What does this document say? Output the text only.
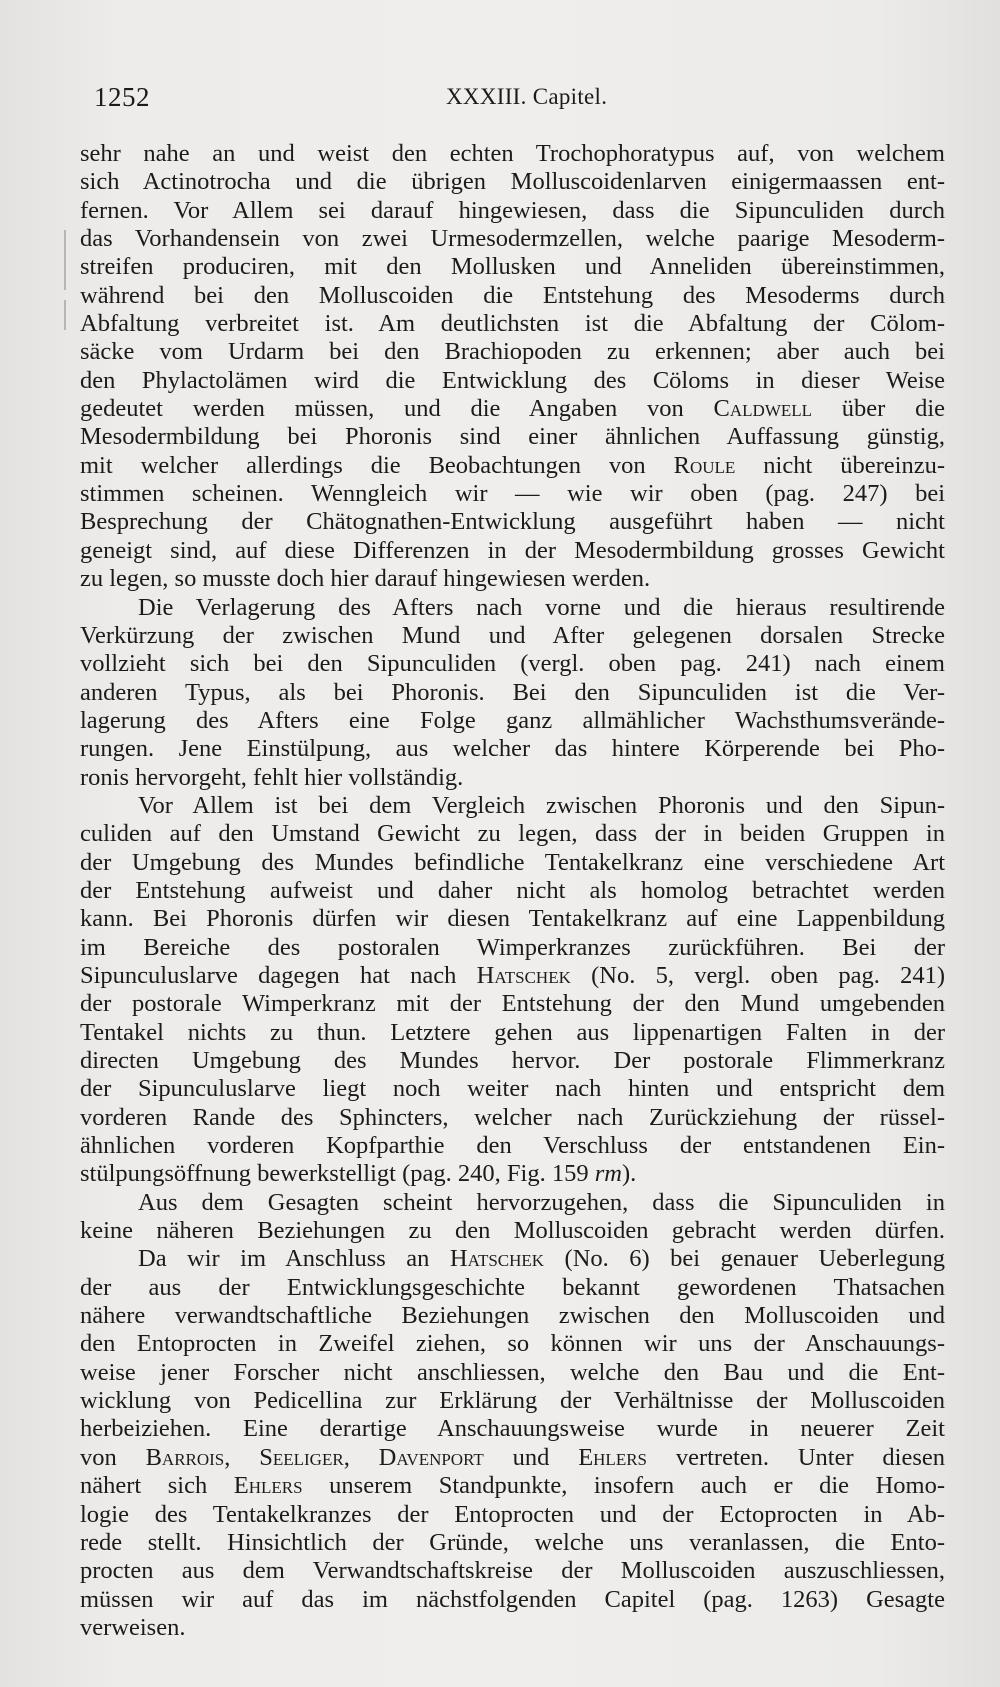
1252	XXXIII. Capitel.
sehr nahe an und weist den echten Trochophoratypus auf, von welchem
sich Actinotrocha und die übrigen Molluscoidenlarven einigermaassen ent-
fernen. Vor Allem sei darauf hingewiesen, dass die Sipunculiden durch
das Vorhandensein von zwei Urmesodermzellen, welche paarige Mesoderm-
streifen produciren, mit den Mollusken und Anneliden übereinstimmen,
während bei den Molluscoiden die Entstehung des Mesoderms durch
Abfaltung verbreitet ist. Am deutlichsten ist die Abfaltung der Cölom-
säcke vom Urdarm bei den Brachiopoden zu erkennen; aber auch bei
den Phylactolämen wird die Entwicklung des Cöloms in dieser Weise
gedeutet werden müssen, und die Angaben von Caldwell über die
Mesodermbildung bei Phoronis sind einer ähnlichen Auffassung günstig,
mit welcher allerdings die Beobachtungen von Roule nicht übereinzu-
stimmen scheinen. Wenngleich wir — wie wir oben (pag. 247) bei
Besprechung der Chätognathen-Entwicklung ausgeführt haben — nicht
geneigt sind, auf diese Differenzen in der Mesodermbildung grosses Gewicht
zu legen, so musste doch hier darauf hingewiesen werden.
Die Verlagerung des Afters nach vorne und die hieraus resultirende
Verkürzung der zwischen Mund und After gelegenen dorsalen Strecke
vollzieht sich bei den Sipunculiden (vergl. oben pag. 241) nach einem
anderen Typus, als bei Phoronis. Bei den Sipunculiden ist die Ver-
lagerung des Afters eine Folge ganz allmählicher Wachsthumsverände-
rungen. Jene Einstülpung, aus welcher das hintere Körperende bei Pho-
ronis hervorgeht, fehlt hier vollständig.
Vor Allem ist bei dem Vergleich zwischen Phoronis und den Sipun-
culiden auf den Umstand Gewicht zu legen, dass der in beiden Gruppen in
der Umgebung des Mundes befindliche Tentakelkranz eine verschiedene Art
der Entstehung aufweist und daher nicht als homolog betrachtet werden
kann. Bei Phoronis dürfen wir diesen Tentakelkranz auf eine Lappenbildung
im Bereiche des postoralen Wimperkranzes zurückführen. Bei der
Sipunculuslarve dagegen hat nach Hatschek (No. 5, vergl. oben pag. 241)
der postorale Wimperkranz mit der Entstehung der den Mund umgebenden
Tentakel nichts zu thun. Letztere gehen aus lippenartigen Falten in der
directen Umgebung des Mundes hervor. Der postorale Flimmerkranz
der Sipunculuslarve liegt noch weiter nach hinten und entspricht dem
vorderen Rande des Sphincters, welcher nach Zurückziehung der rüssel-
ähnlichen vorderen Kopfparthie den Verschluss der entstandenen Ein-
stülpungsöffnung bewerkstelligt (pag. 240, Fig. 159 rm).
Aus dem Gesagten scheint hervorzugehen, dass die Sipunculiden in
keine näheren Beziehungen zu den Molluscoiden gebracht werden dürfen.
Da wir im Anschluss an Hatschek (No. 6) bei genauer Ueberlegung
der aus der Entwicklungsgeschichte bekannt gewordenen Thatsachen
nähere verwandtschaftliche Beziehungen zwischen den Molluscoiden und
den Entoprocten in Zweifel ziehen, so können wir uns der Anschauungs-
weise jener Forscher nicht anschliessen, welche den Bau und die Ent-
wicklung von Pedicellina zur Erklärung der Verhältnisse der Molluscoiden
herbeiziehen. Eine derartige Anschauungsweise wurde in neuerer Zeit
von Barrois, Seeliger, Davenport und Ehlers vertreten. Unter diesen
nähert sich Ehlers unserem Standpunkte, insofern auch er die Homo-
logie des Tentakelkranzes der Entoprocten und der Ectoprocten in Ab-
rede stellt. Hinsichtlich der Gründe, welche uns veranlassen, die Ento-
procten aus dem Verwandtschaftskreise der Molluscoiden auszuschliessen,
müssen wir auf das im nächstfolgenden Capitel (pag. 1263) Gesagte
verweisen.
